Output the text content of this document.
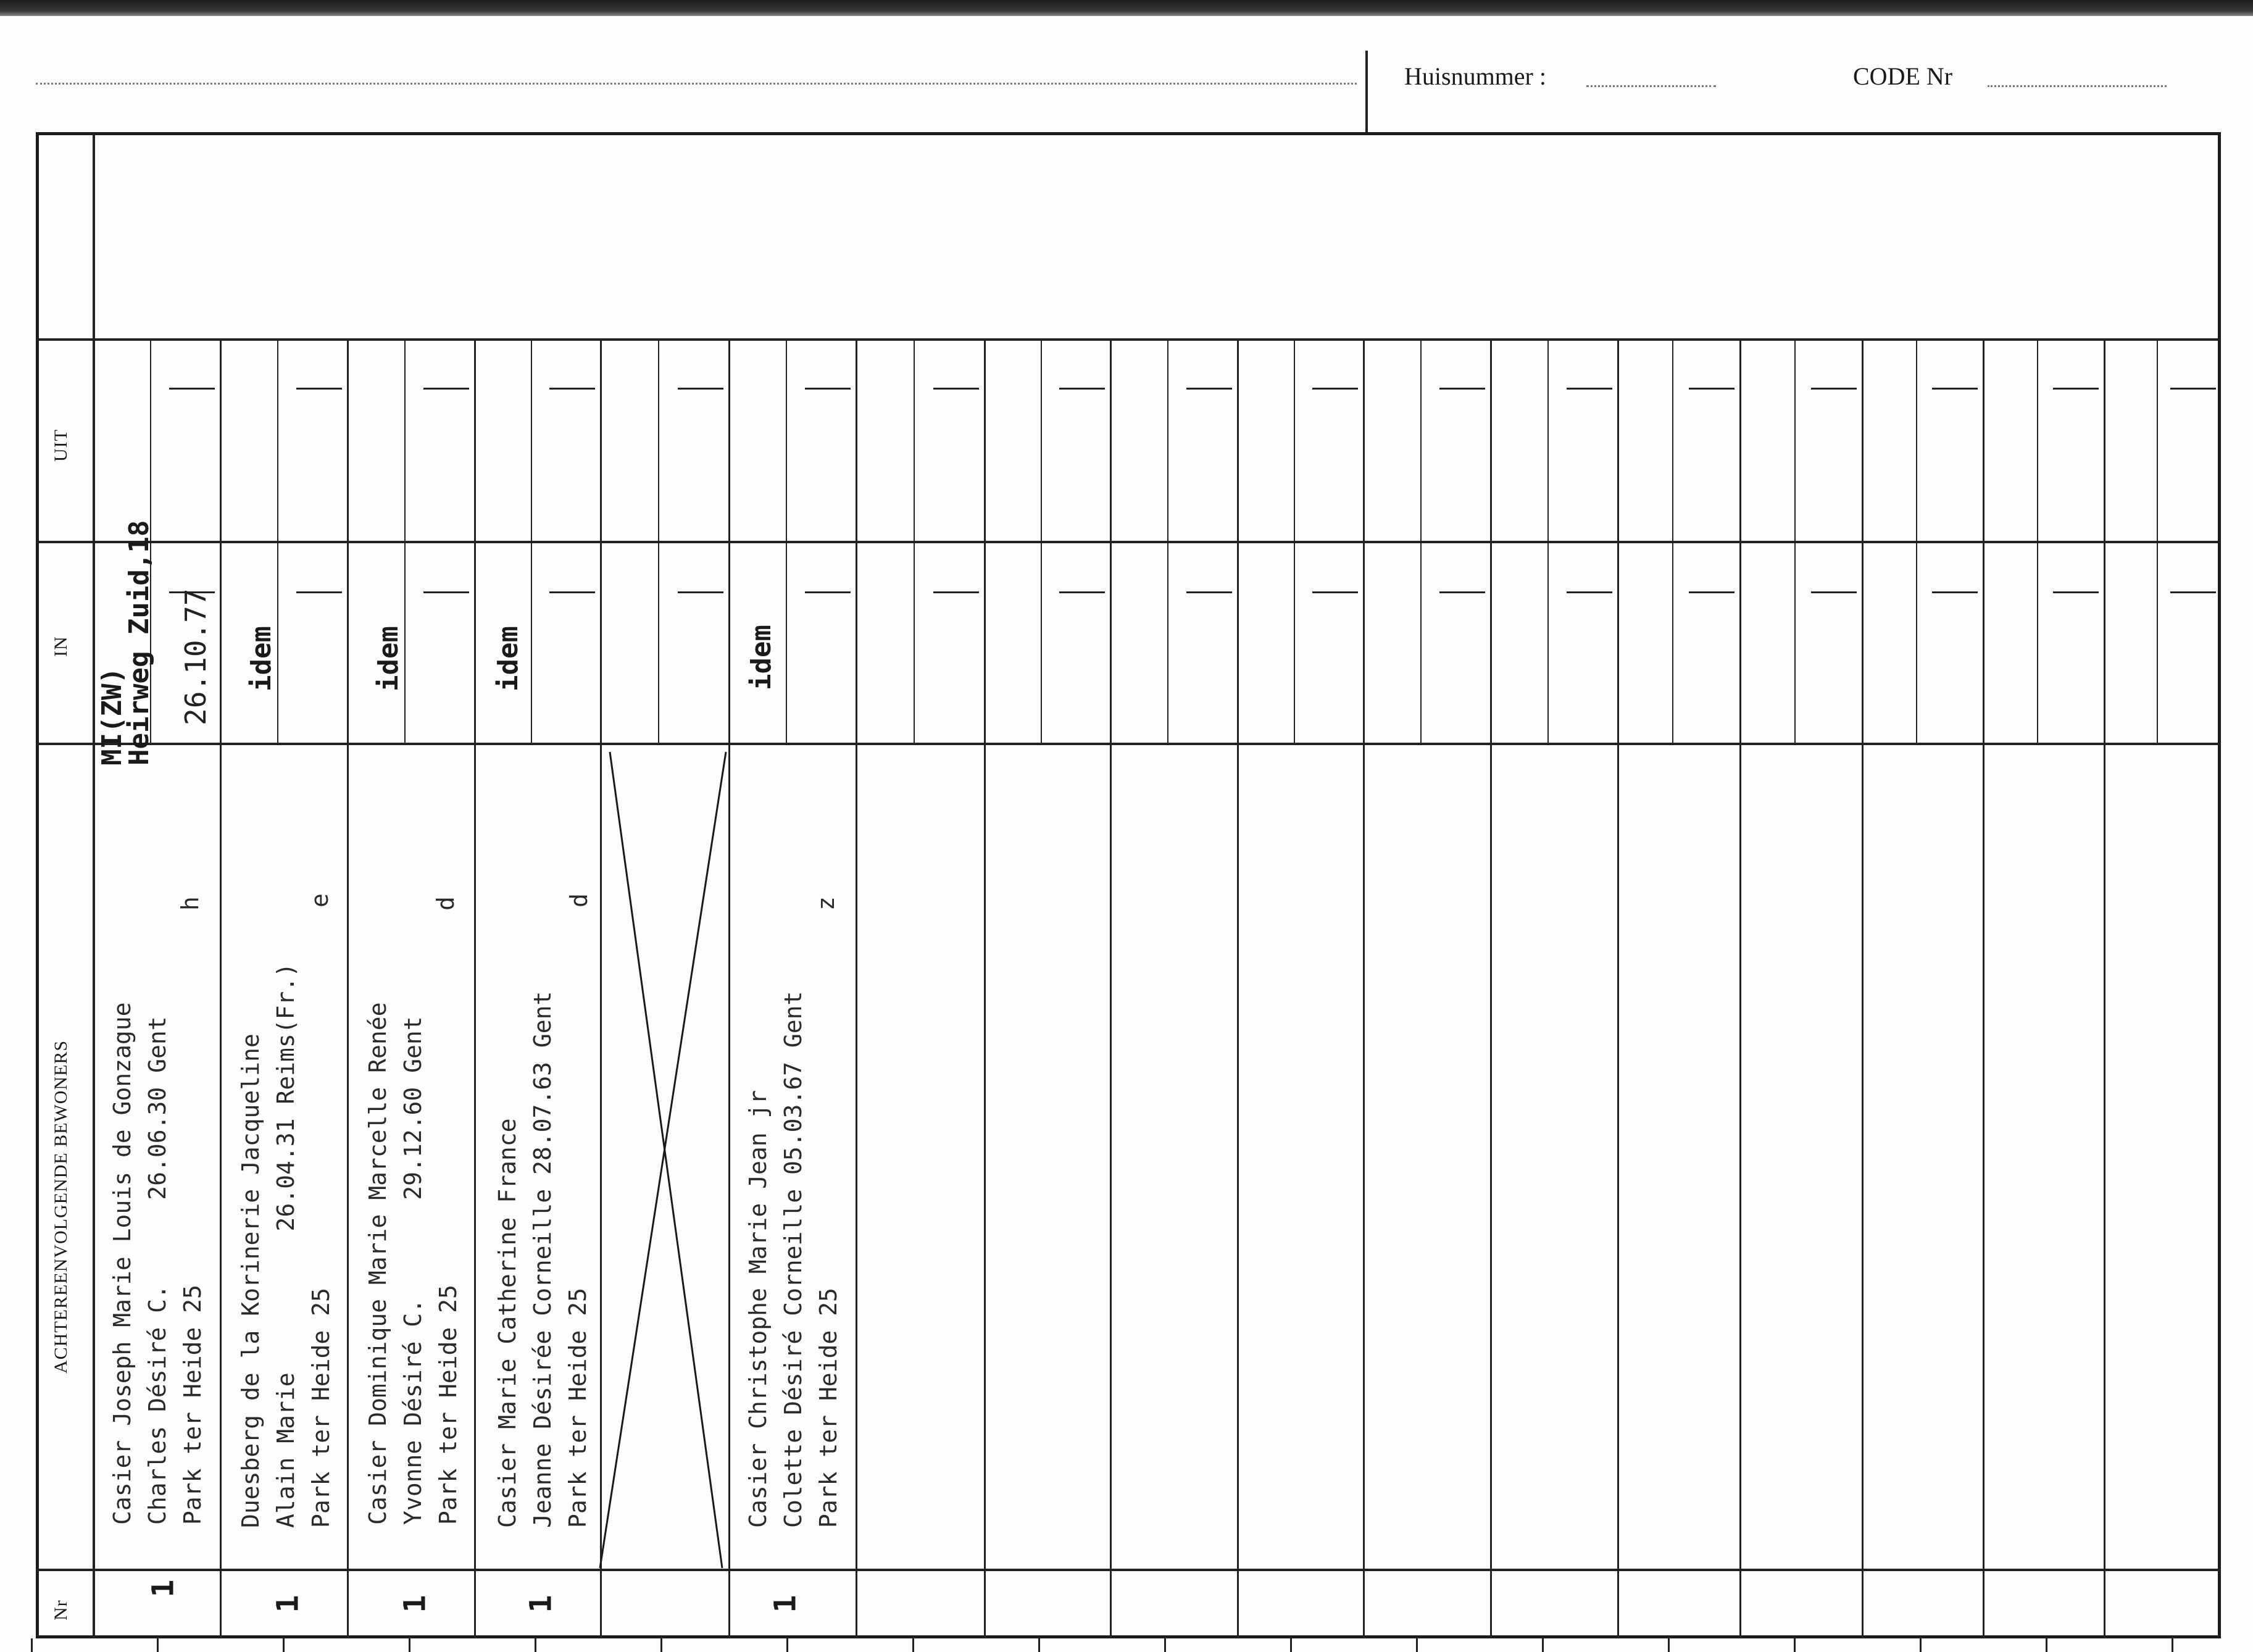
Huisnummer :	CODE Nr
UIT
IN
ACHTEREENVOLGENDE BEWONERS
Nr
Casier Joseph Marie Louis de Gonzague Charles Désiré C.      26.06.30 Gent Park ter Heide 25
h
MI(ZW)
Heirweg Zuid,18 26.10.77
1
Duesberg de la Korinerie Jacqueline Alain Marie          26.04.31 Reims(Fr.) Park ter Heide 25
e
idem
1
Casier Dominique Marie Marcelle Renée Yvonne Désiré C.       29.12.60 Gent Park ter Heide 25
d
idem
1
Casier Marie Catherine France Jeanne Désirée Corneille 28.07.63 Gent Park ter Heide 25
d
idem
1
Casier Christophe Marie Jean jr Colette Désiré Corneille 05.03.67 Gent Park ter Heide 25
z
idem
1
